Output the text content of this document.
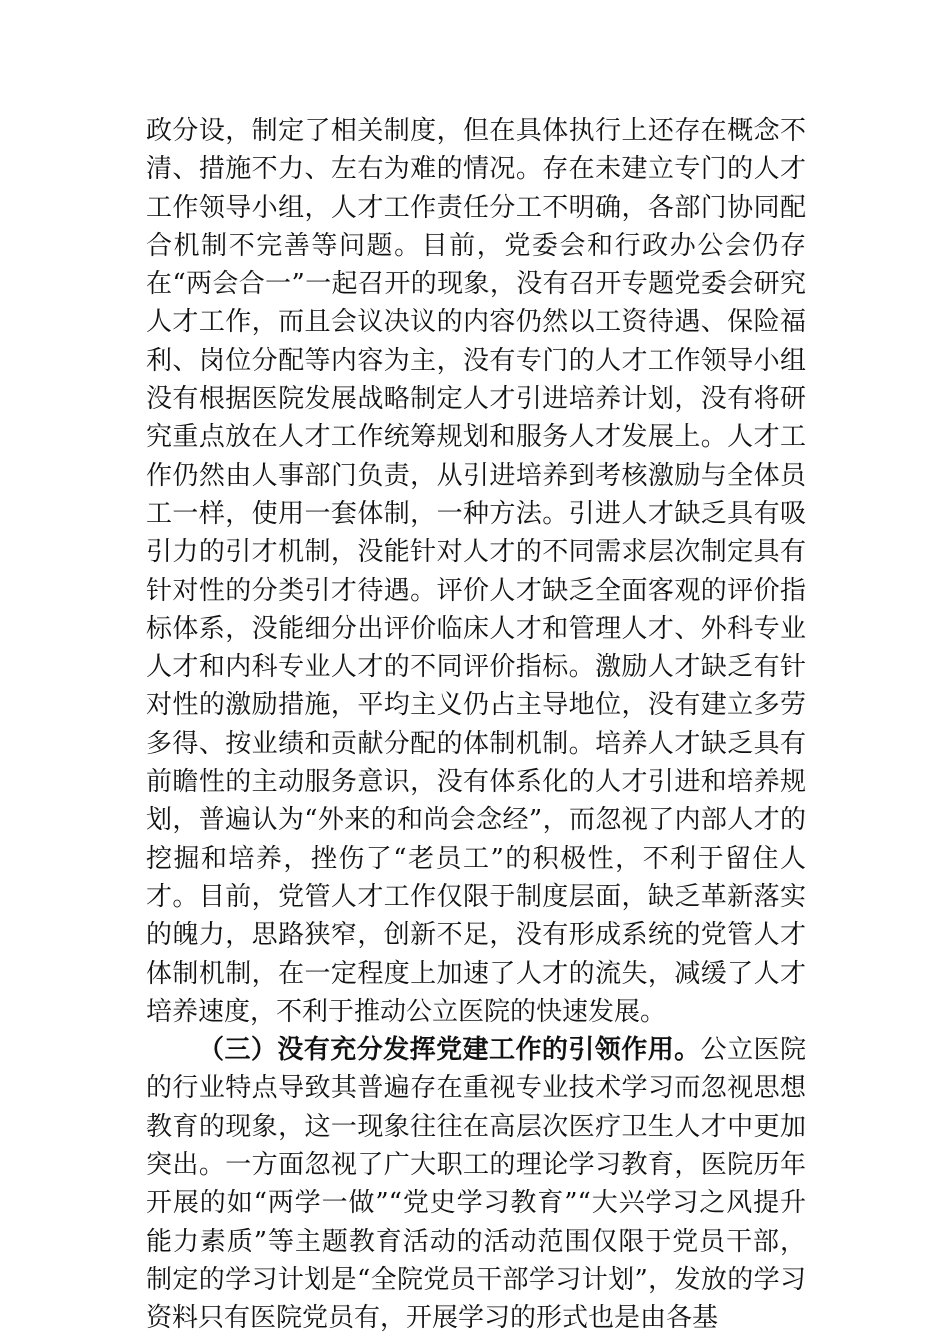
政分设，制定了相关制度，但在具体执行上还存在概念不清、措施不力、左右为难的情况。存在未建立专门的人才工作领导小组，人才工作责任分工不明确，各部门协同配合机制不完善等问题。目前，党委会和行政办公会仍存在“两会合一”一起召开的现象，没有召开专题党委会研究人才工作，而且会议决议的内容仍然以工资待遇、保险福利、岗位分配等内容为主，没有专门的人才工作领导小组没有根据医院发展战略制定人才引进培养计划，没有将研究重点放在人才工作统筹规划和服务人才发展上。人才工作仍然由人事部门负责，从引进培养到考核激励与全体员工一样，使用一套体制，一种方法。引进人才缺乏具有吸引力的引才机制，没能针对人才的不同需求层次制定具有针对性的分类引才待遇。评价人才缺乏全面客观的评价指标体系，没能细分出评价临床人才和管理人才、外科专业人才和内科专业人才的不同评价指标。激励人才缺乏有针对性的激励措施，平均主义仍占主导地位，没有建立多劳多得、按业绩和贡献分配的体制机制。培养人才缺乏具有前瞻性的主动服务意识，没有体系化的人才引进和培养规划，普遍认为“外来的和尚会念经”，而忽视了内部人才的挖掘和培养，挫伤了“老员工”的积极性，不利于留住人才。目前，党管人才工作仅限于制度层面，缺乏革新落实的魄力，思路狭窄，创新不足，没有形成系统的党管人才体制机制，在一定程度上加速了人才的流失，减缓了人才培养速度，不利于推动公立医院的快速发展。

（三）没有充分发挥党建工作的引领作用。公立医院的行业特点导致其普遍存在重视专业技术学习而忽视思想教育的现象，这一现象往往在高层次医疗卫生人才中更加突出。一方面忽视了广大职工的理论学习教育，医院历年开展的如“两学一做”“党史学习教育”“大兴学习之风提升能力素质”等主题教育活动的活动范围仅限于党员干部，制定的学习计划是“全院党员干部学习计划”，发放的学习资料只有医院党员有，开展学习的形式也是由各基
